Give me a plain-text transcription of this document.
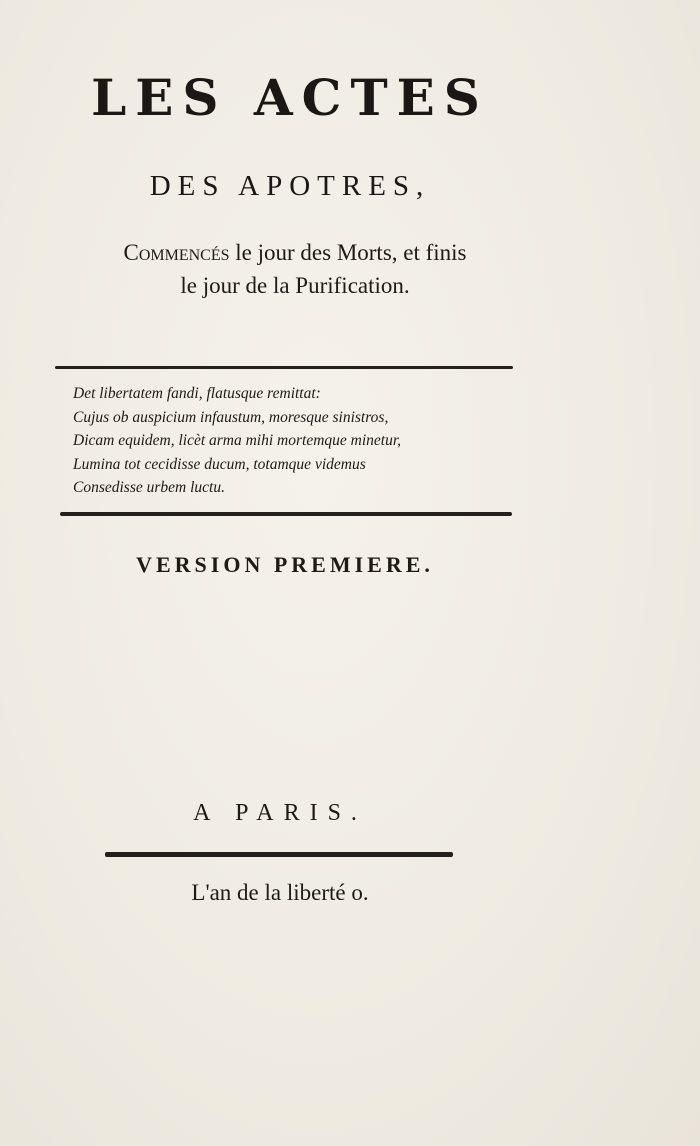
LES ACTES
DES APOTRES,
Commencés le jour des Morts, et finis
le jour de la Purification.
Det libertatem fandi, flatusque remittat:
Cujus ob auspicium infaustum, moresque sinistros,
Dicam equidem, licèt arma mihi mortemque minetur,
Lumina tot cecidisse ducum, totamque videmus
Consedisse urbem luctu.
VERSION PREMIERE.
A PARIS.
L'an de la liberté o.
